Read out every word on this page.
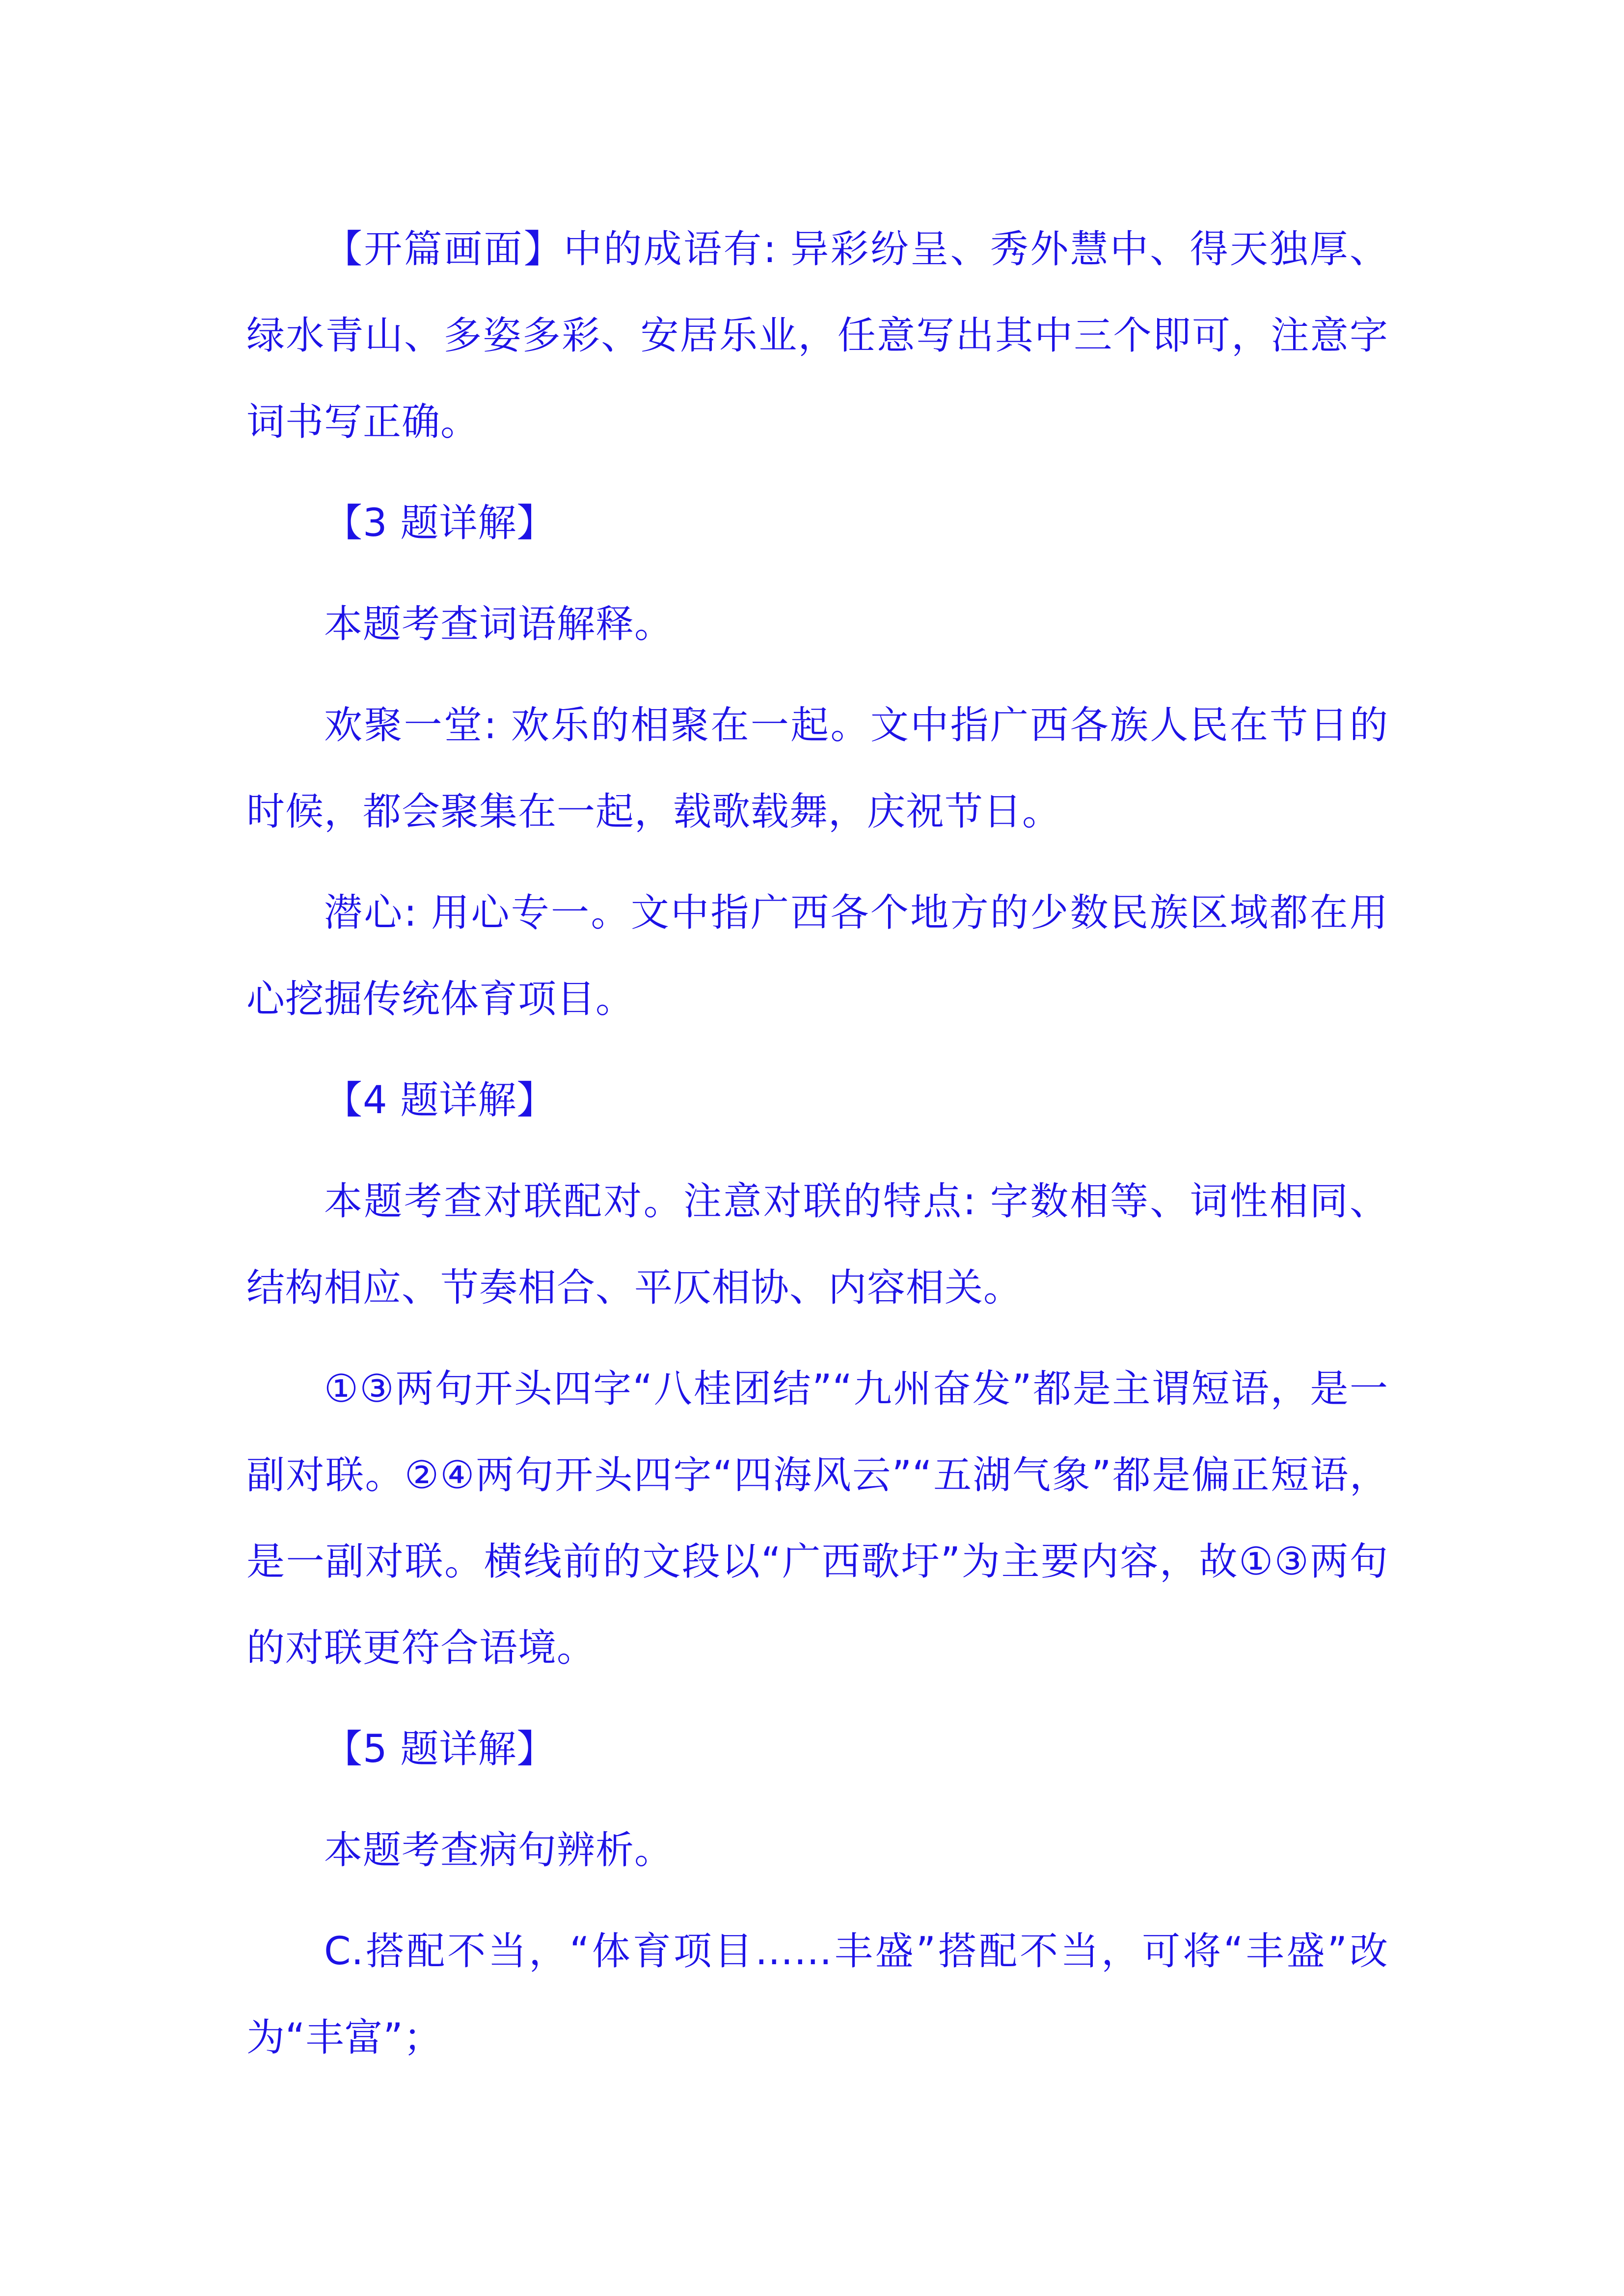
【开篇画面】中的成语有: 异彩纷呈、秀外慧中、得天独厚、绿水青山、多姿多彩、安居乐业，任意写出其中三个即可，注意字词书写正确。

【3 题详解】

本题考查词语解释。

欢聚一堂: 欢乐的相聚在一起。文中指广西各族人民在节日的时候，都会聚集在一起，载歌载舞，庆祝节日。

潜心: 用心专一。文中指广西各个地方的少数民族区域都在用心挖掘传统体育项目。

【4 题详解】

本题考查对联配对。注意对联的特点: 字数相等、词性相同、结构相应、节奏相合、平仄相协、内容相关。

①③两句开头四字“八桂团结”“九州奋发”都是主谓短语，是一副对联。②④两句开头四字“四海风云”“五湖气象”都是偏正短语，是一副对联。横线前的文段以“广西歌圩”为主要内容，故①③两句的对联更符合语境。

【5 题详解】

本题考查病句辨析。

C.搭配不当，“体育项目……丰盛”搭配不当，可将“丰盛”改为“丰富”；
